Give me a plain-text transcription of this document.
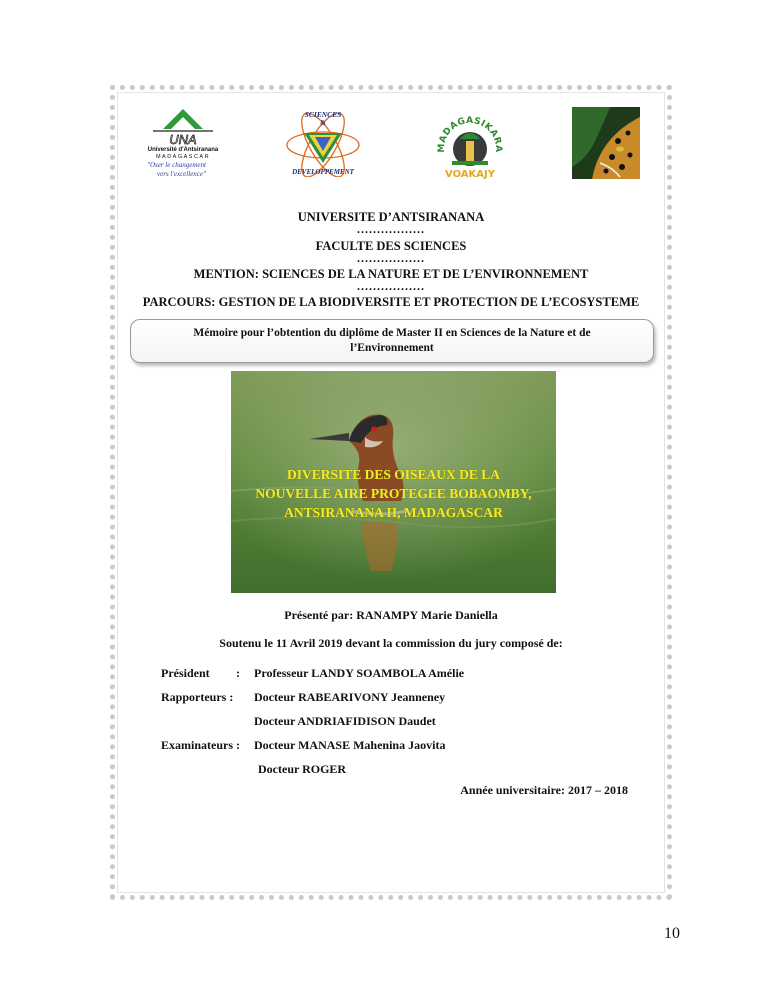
UNA
Université d'Antsiranana
MADAGASCAR
"Oser le changement
vers l'excellence"
SCIENCES
&
DEVELOPPEMENT
MADAGASIKARA
VOAKAJY
UNIVERSITE D’ANTSIRANANA
.................
FACULTE DES SCIENCES
.................
MENTION: SCIENCES DE LA NATURE ET DE L’ENVIRONNEMENT
.................
PARCOURS: GESTION DE LA BIODIVERSITE ET PROTECTION DE L’ECOSYSTEME
Mémoire pour l’obtention du diplôme de Master II en Sciences de la Nature et de
l’Environnement
DIVERSITE DES OISEAUX DE LA
NOUVELLE AIRE PROTEGEE BOBAOMBY,
ANTSIRANANA II, MADAGASCAR
Présenté par: RANAMPY Marie Daniella
Soutenu le 11 Avril 2019 devant la commission du jury composé de:
Président : Professeur LANDY SOAMBOLA Amélie
Rapporteurs : Docteur RABEARIVONY Jeanneney
Docteur ANDRIAFIDISON Daudet
Examinateurs : Docteur MANASE Mahenina Jaovita
Docteur ROGER
Année universitaire: 2017 – 2018
10
